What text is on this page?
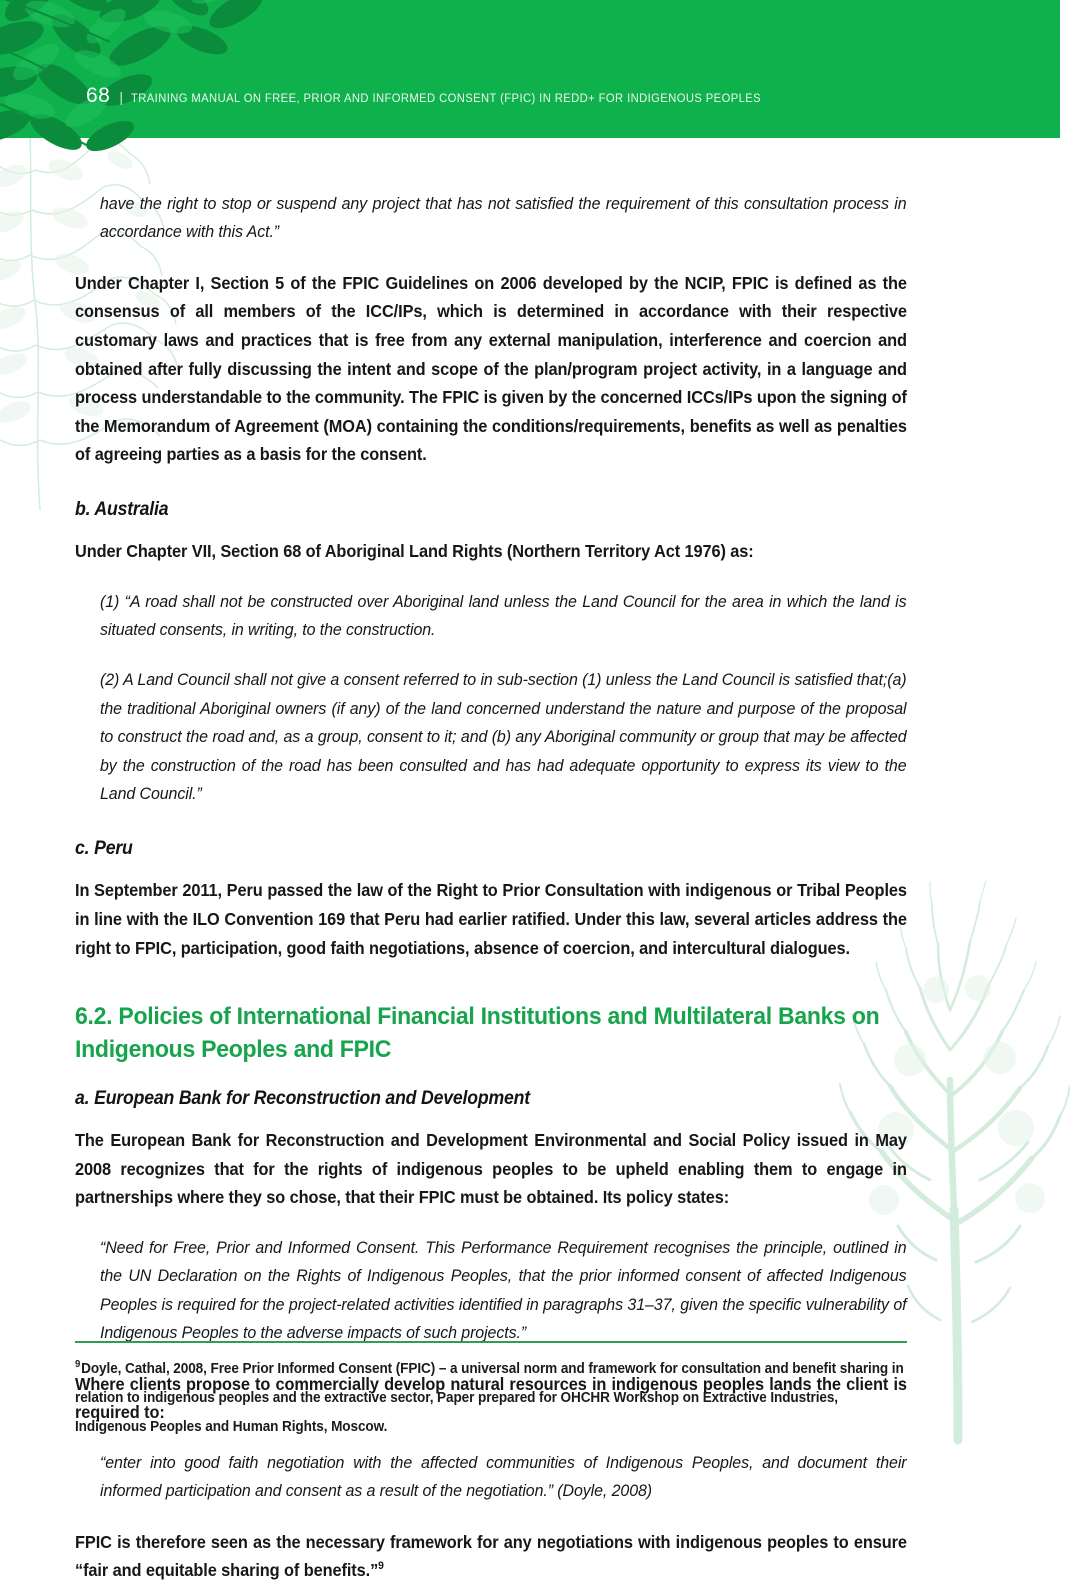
68 | TRAINING MANUAL ON FREE, PRIOR AND INFORMED CONSENT (FPIC) IN REDD+ FOR INDIGENOUS PEOPLES

have the right to stop or suspend any project that has not satisfied the requirement of this consultation process in accordance with this Act.”

Under Chapter I, Section 5 of the FPIC Guidelines on 2006 developed by the NCIP, FPIC is defined as the consensus of all members of the ICC/IPs, which is determined in accordance with their respective customary laws and practices that is free from any external manipulation, interference and coercion and obtained after fully discussing the intent and scope of the plan/program project activity, in a language and process understandable to the community. The FPIC is given by the concerned ICCs/IPs upon the signing of the Memorandum of Agreement (MOA) containing the conditions/requirements, benefits as well as penalties of agreeing parties as a basis for the consent.

b. Australia

Under Chapter VII, Section 68 of Aboriginal Land Rights (Northern Territory Act 1976) as:

(1) “A road shall not be constructed over Aboriginal land unless the Land Council for the area in which the land is situated consents, in writing, to the construction.

(2) A Land Council shall not give a consent referred to in sub-section (1) unless the Land Council is satisfied that;(a) the traditional Aboriginal owners (if any) of the land concerned understand the nature and purpose of the proposal to construct the road and, as a group, consent to it; and (b) any Aboriginal community or group that may be affected by the construction of the road has been consulted and has had adequate opportunity to express its view to the Land Council.”

c. Peru

In September 2011, Peru passed the law of the Right to Prior Consultation with indigenous or Tribal Peoples in line with the ILO Convention 169 that Peru had earlier ratified. Under this law, several articles address the right to FPIC, participation, good faith negotiations, absence of coercion, and intercultural dialogues.

6.2. Policies of International Financial Institutions and Multilateral Banks on Indigenous Peoples and FPIC
a. European Bank for Reconstruction and Development

The European Bank for Reconstruction and Development Environmental and Social Policy issued in May 2008 recognizes that for the rights of indigenous peoples to be upheld enabling them to engage in partnerships where they so chose, that their FPIC must be obtained. Its policy states:

“Need for Free, Prior and Informed Consent. This Performance Requirement recognises the principle, outlined in the UN Declaration on the Rights of Indigenous Peoples, that the prior informed consent of affected Indigenous Peoples is required for the project-related activities identified in paragraphs 31–37, given the specific vulnerability of Indigenous Peoples to the adverse impacts of such projects.”

Where clients propose to commercially develop natural resources in indigenous peoples lands the client is required to:

“enter into good faith negotiation with the affected communities of Indigenous Peoples, and document their informed participation and consent as a result of the negotiation.” (Doyle, 2008)

FPIC is therefore seen as the necessary framework for any negotiations with indigenous peoples to ensure “fair and equitable sharing of benefits.”$^9$

$^9$Doyle, Cathal, 2008, Free Prior Informed Consent (FPIC) – a universal norm and framework for consultation and benefit sharing in relation to indigenous peoples and the extractive sector, Paper prepared for OHCHR Workshop on Extractive Industries, Indigenous Peoples and Human Rights, Moscow.
